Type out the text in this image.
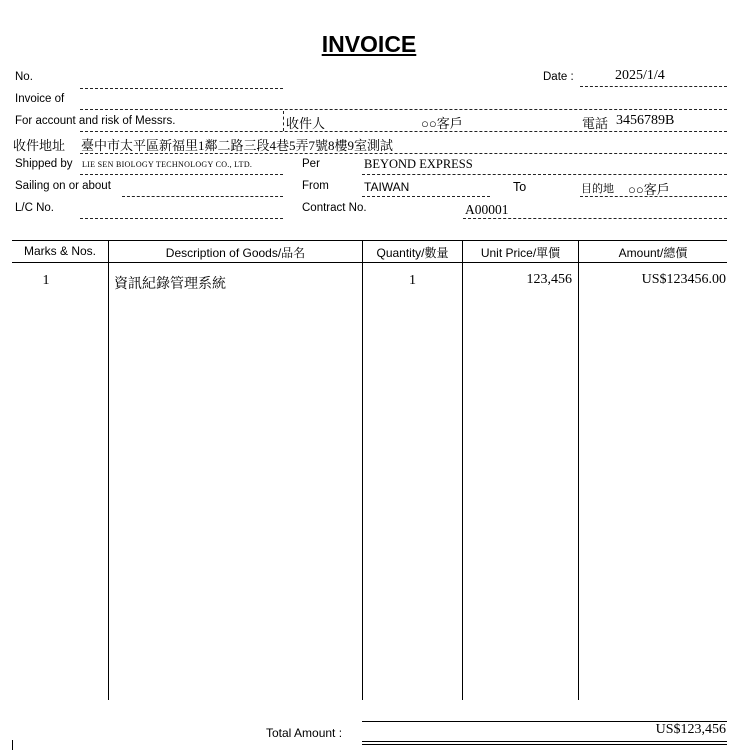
INVOICE
No.	Date :	2025/1/4
Invoice of
For account and risk of Messrs.	收件人	○○客戶	電話 3456789B
收件地址 臺中市太平區新福里1鄰二路三段4巷5弄7號8樓9室測試
Shipped by LIE SEN BIOLOGY TECHNOLOGY CO., LTD.	Per	BEYOND EXPRESS
Sailing on or about	From	TAIWAN	To	目的地 ○○客戶
L/C No.	Contract No.	A00001
Marks & Nos.	Description of Goods/品名	Quantity/數量	Unit Price/單價	Amount/總價
1	資訊紀錄管理系統	1	123,456	US$123456.00
Total Amount :	US$123,456
